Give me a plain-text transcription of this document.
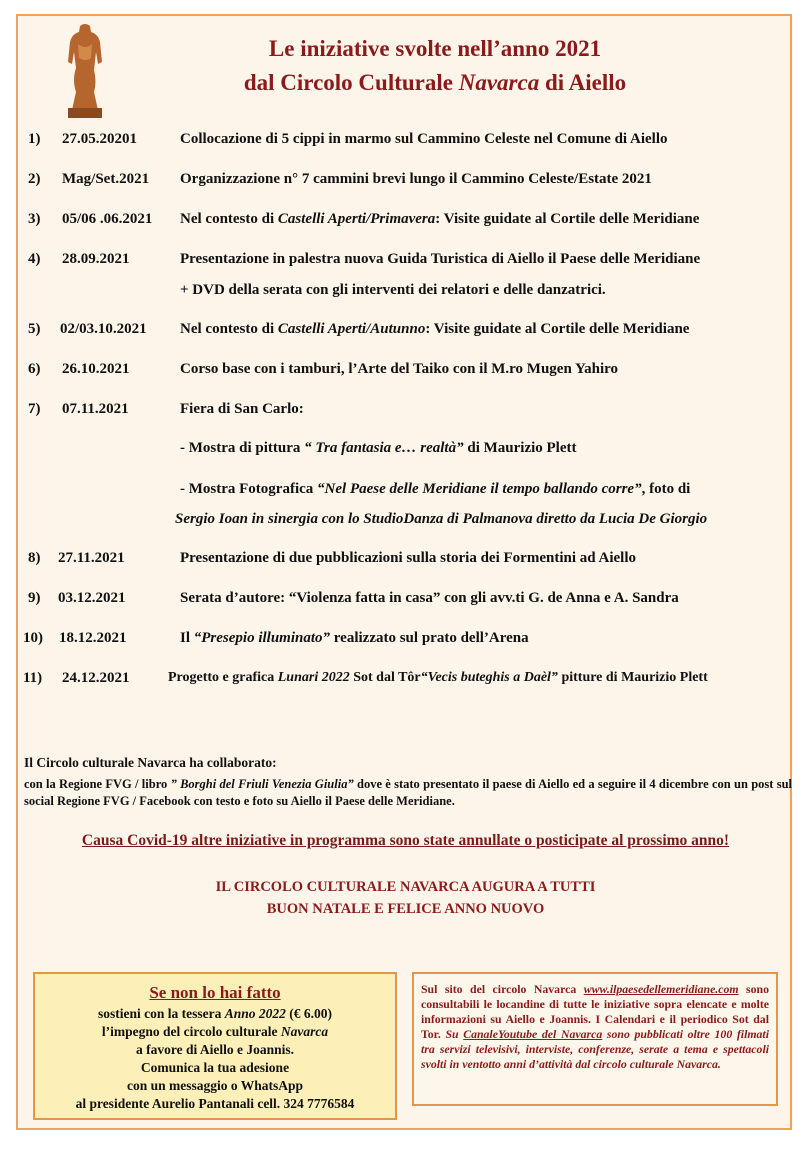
Le iniziative svolte nell’anno 2021
dal Circolo Culturale Navarca di Aiello
1) 27.05.20201	Collocazione di 5 cippi in marmo sul Cammino Celeste nel Comune di Aiello
2) Mag/Set.2021 Organizzazione n° 7 cammini brevi lungo il Cammino Celeste/Estate 2021
3) 05/06 .06.2021 Nel contesto di Castelli Aperti/Primavera: Visite guidate al Cortile delle Meridiane
4) 28.09.2021	Presentazione in palestra nuova Guida Turistica di Aiello il Paese delle Meridiane
+ DVD della serata con gli interventi dei relatori e delle danzatrici.
5) 02/03.10.2021 Nel contesto di Castelli Aperti/Autunno: Visite guidate al Cortile delle Meridiane
6) 26.10.2021	Corso base con i tamburi, l’Arte del Taiko con il M.ro Mugen Yahiro
7) 07.11.2021	Fiera di San Carlo:
- Mostra di pittura “ Tra fantasia e… realtà” di Maurizio Plett
- Mostra Fotografica “Nel Paese delle Meridiane il tempo ballando corre”, foto di
Sergio Ioan in sinergia con lo StudioDanza di Palmanova diretto da Lucia De Giorgio
8) 27.11.2021	Presentazione di due pubblicazioni sulla storia dei Formentini ad Aiello
9) 03.12.2021	Serata d’autore: “Violenza fatta in casa” con gli avv.ti G. de Anna e A. Sandra
10) 18.12.2021	Il “Presepio illuminato” realizzato sul prato dell’Arena
11) 24.12.2021	Progetto e grafica Lunari 2022 Sot dal Tôr“Vecis buteghis a Daèl” pitture di Maurizio Plett
Il Circolo culturale Navarca ha collaborato:
con la Regione FVG / libro ” Borghi del Friuli Venezia Giulia” dove è stato presentato il paese di Aiello ed a seguire il 4 dicembre con un post sul social Regione FVG / Facebook con testo e foto su Aiello il Paese delle Meridiane.
Causa Covid-19 altre iniziative in programma sono state annullate o posticipate al prossimo anno!
IL CIRCOLO CULTURALE NAVARCA AUGURA A TUTTI
BUON NATALE E FELICE ANNO NUOVO
Se non lo hai fatto
sostieni con la tessera Anno 2022 (€ 6.00)
l’impegno del circolo culturale Navarca
a favore di Aiello e Joannis.
Comunica la tua adesione
con un messaggio o WhatsApp
al presidente Aurelio Pantanali cell. 324 7776584
Sul sito del circolo Navarca www.ilpaesedellemeridiane.com sono consultabili le locandine di tutte le iniziative sopra elencate e molte informazioni su Aiello e Joannis. I Calendari e il periodico Sot dal Tor. Su CanaleYoutube del Navarca sono pubblicati oltre 100 filmati tra servizi televisivi, interviste, conferenze, serate a tema e spettacoli svolti in ventotto anni d’attività dal circolo culturale Navarca.
